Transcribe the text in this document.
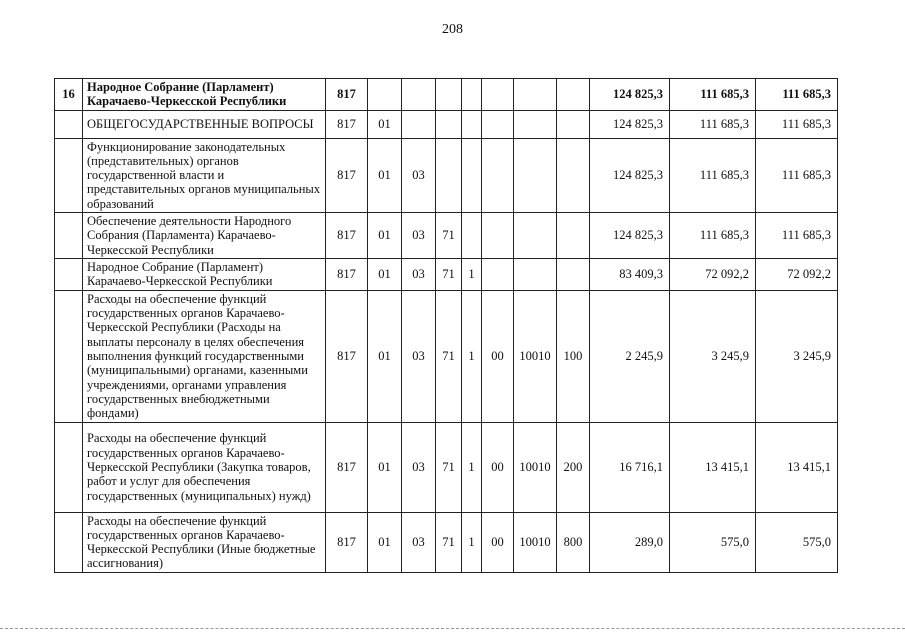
208
16	Народное Собрание (Парламент) Карачаево-Черкесской Республики	817								124 825,3	111 685,3	111 685,3
	ОБЩЕГОСУДАРСТВЕННЫЕ ВОПРОСЫ	817	01							124 825,3	111 685,3	111 685,3
	Функционирование законодательных (представительных) органов государственной власти и представительных органов муниципальных образований	817	01	03						124 825,3	111 685,3	111 685,3
	Обеспечение деятельности Народного Собрания (Парламента) Карачаево-Черкесской Республики	817	01	03	71					124 825,3	111 685,3	111 685,3
	Народное Собрание (Парламент) Карачаево-Черкесской Республики	817	01	03	71	1				83 409,3	72 092,2	72 092,2
	Расходы на обеспечение функций государственных органов Карачаево-Черкесской Республики (Расходы на выплаты персоналу в целях обеспечения выполнения функций государственными (муниципальными) органами, казенными учреждениями, органами управления государственных внебюджетными фондами)	817	01	03	71	1	00	10010	100	2 245,9	3 245,9	3 245,9
	Расходы на обеспечение функций государственных органов Карачаево-Черкесской Республики (Закупка товаров, работ и услуг для обеспечения государственных (муниципальных) нужд)	817	01	03	71	1	00	10010	200	16 716,1	13 415,1	13 415,1
	Расходы на обеспечение функций государственных органов Карачаево-Черкесской Республики (Иные бюджетные ассигнования)	817	01	03	71	1	00	10010	800	289,0	575,0	575,0
